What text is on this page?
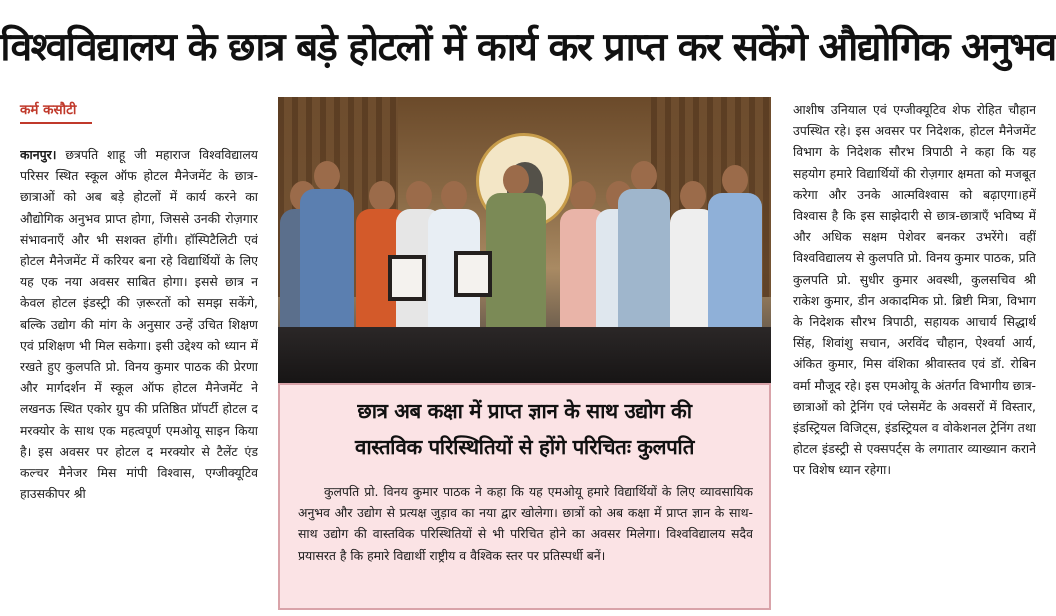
विश्वविद्यालय के छात्र बड़े होटलों में कार्य कर प्राप्त कर सकेंगे औद्योगिक अनुभव
कर्म कसौटी
कानपुर। छत्रपति शाहू जी महाराज विश्वविद्यालय परिसर स्थित स्कूल ऑफ होटल मैनेजमेंट के छात्र-छात्राओं को अब बड़े होटलों में कार्य करने का औद्योगिक अनुभव प्राप्त होगा, जिससे उनकी रोज़गार संभावनाएँ और भी सशक्त होंगी। हॉस्पिटैलिटी एवं होटल मैनेजमेंट में करियर बना रहे विद्यार्थियों के लिए यह एक नया अवसर साबित होगा। इससे छात्र न केवल होटल इंडस्ट्री की ज़रूरतों को समझ सकेंगे, बल्कि उद्योग की मांग के अनुसार उन्हें उचित शिक्षण एवं प्रशिक्षण भी मिल सकेगा। इसी उद्देश्य को ध्यान में रखते हुए कुलपति प्रो. विनय कुमार पाठक की प्रेरणा और मार्गदर्शन में स्कूल ऑफ होटल मैनेजमेंट ने लखनऊ स्थित एकोर ग्रुप की प्रतिष्ठित प्रॉपर्टी होटल द मरक्योर के साथ एक महत्वपूर्ण एमओयू साइन किया है। इस अवसर पर होटल द मरक्योर से टैलेंट एंड कल्चर मैनेजर मिस मांपी विश्वास, एग्जीक्यूटिव हाउसकीपर श्री
छात्र अब कक्षा में प्राप्त ज्ञान के साथ उद्योग की
वास्तविक परिस्थितियों से होंगे परिचितः कुलपति
कुलपति प्रो. विनय कुमार पाठक ने कहा कि यह एमओयू हमारे विद्यार्थियों के लिए व्यावसायिक अनुभव और उद्योग से प्रत्यक्ष जुड़ाव का नया द्वार खोलेगा। छात्रों को अब कक्षा में प्राप्त ज्ञान के साथ-साथ उद्योग की वास्तविक परिस्थितियों से भी परिचित होने का अवसर मिलेगा। विश्वविद्यालय सदैव प्रयासरत है कि हमारे विद्यार्थी राष्ट्रीय व वैश्विक स्तर पर प्रतिस्पर्धी बनें।
आशीष उनियाल एवं एग्जीक्यूटिव शेफ रोहित चौहान उपस्थित रहे। इस अवसर पर निदेशक, होटल मैनेजमेंट विभाग के निदेशक सौरभ त्रिपाठी ने कहा कि यह सहयोग हमारे विद्यार्थियों की रोज़गार क्षमता को मजबूत करेगा और उनके आत्मविश्वास को बढ़ाएगा।हमें विश्वास है कि इस साझेदारी से छात्र-छात्राएँ भविष्य में और अधिक सक्षम पेशेवर बनकर उभरेंगे। वहीं विश्वविद्यालय से कुलपति प्रो. विनय कुमार पाठक, प्रति कुलपति प्रो. सुधीर कुमार अवस्थी, कुलसचिव श्री राकेश कुमार, डीन अकादमिक प्रो. ब्रिष्टी मित्रा, विभाग के निदेशक सौरभ त्रिपाठी, सहायक आचार्य सिद्धार्थ सिंह, शिवांशु सचान, अरविंद चौहान, ऐश्वर्या आर्य, अंकित कुमार, मिस वंशिका श्रीवास्तव एवं डॉ. रोबिन वर्मा मौजूद रहे। इस एमओयू के अंतर्गत विभागीय छात्र-छात्राओं को ट्रेनिंग एवं प्लेसमेंट के अवसरों में विस्तार, इंडस्ट्रियल विजिट्स, इंडस्ट्रियल व वोकेशनल ट्रेनिंग तथा होटल इंडस्ट्री से एक्सपर्ट्स के लगातार व्याख्यान कराने पर विशेष ध्यान रहेगा।
